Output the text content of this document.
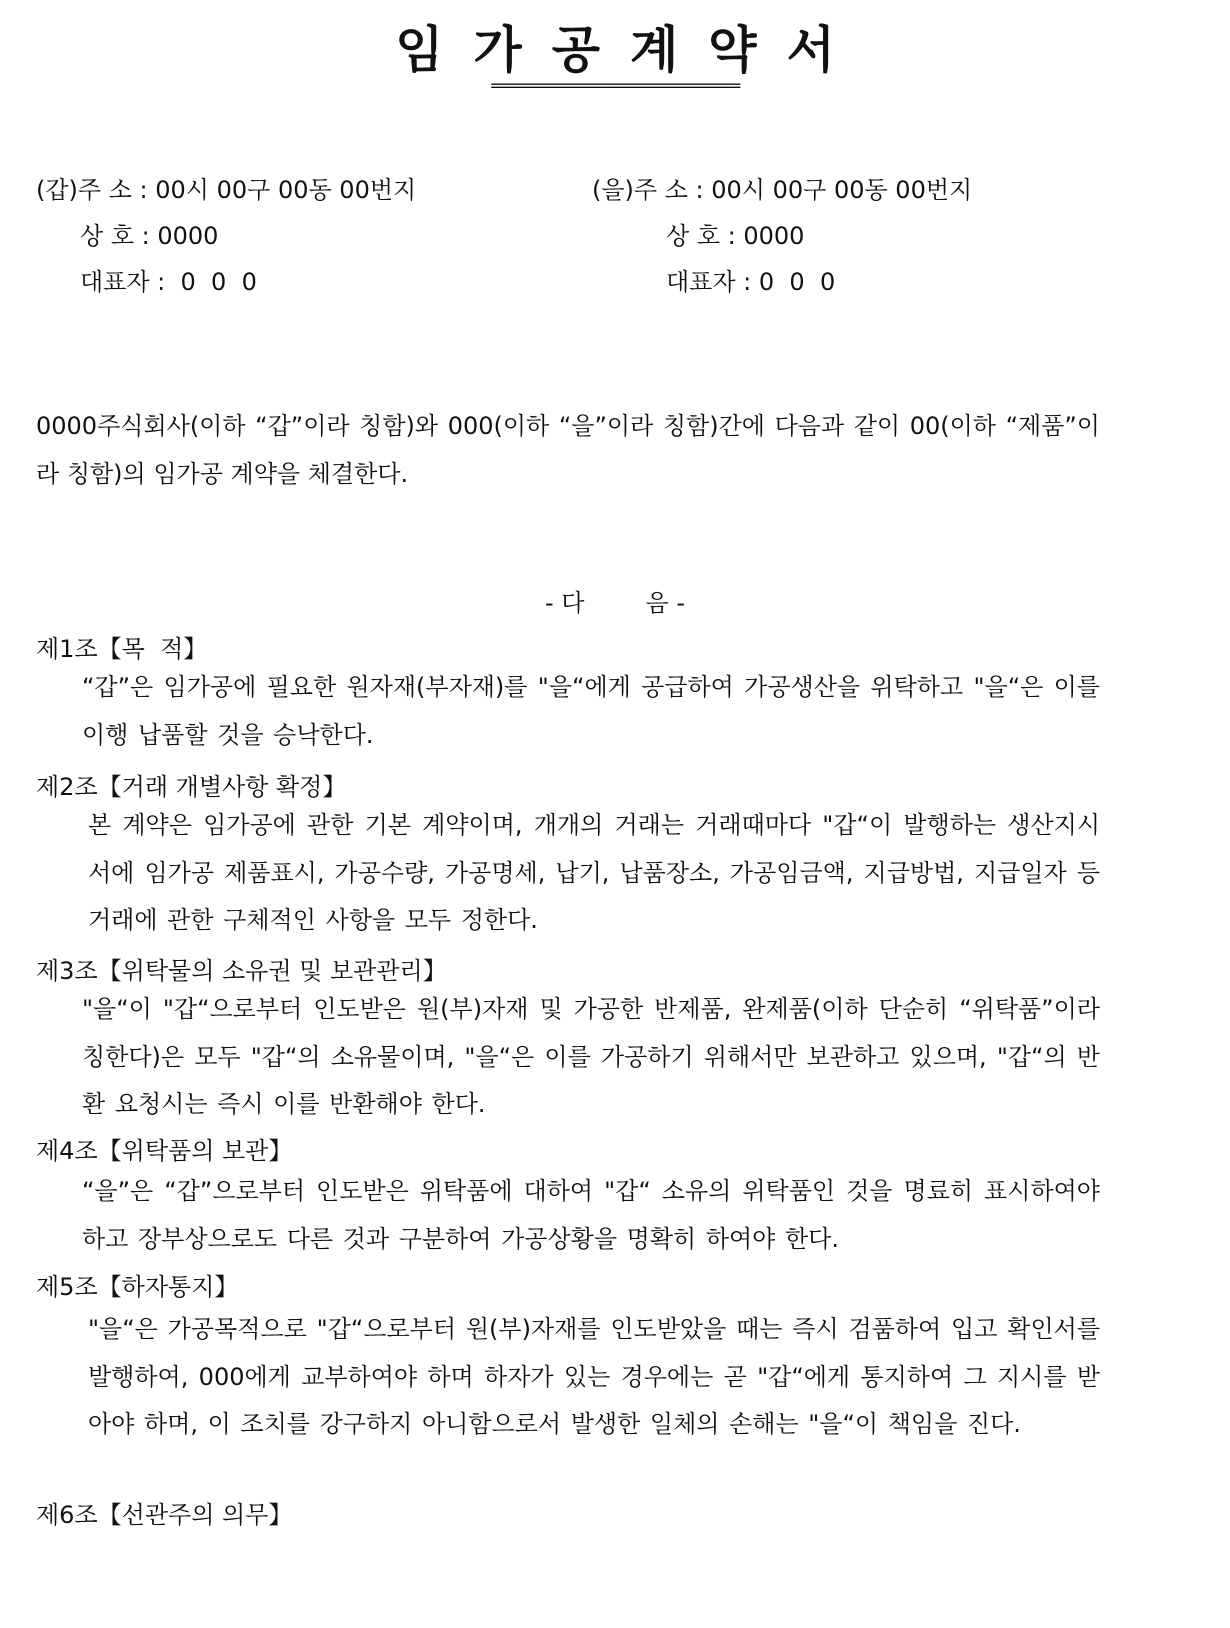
임가공계약서
===============================
(갑)주 소 : 00시 00구 00동 00번지
상 호 : 0000
대표자 :  0  0  0
(을)주 소 : 00시 00구 00동 00번지
상 호 : 0000
대표자 : 0  0  0
0000주식회사(이하 “갑”이라 칭함)와 000(이하 “을”이라 칭함)간에 다음과 같이 00(이하 “제품”이라 칭함)의 임가공 계약을 체결한다.
- 다        음 -
제1조【목  적】
“갑”은 임가공에 필요한 원자재(부자재)를 "을“에게 공급하여 가공생산을 위탁하고 "을“은 이를 이행 납품할 것을 승낙한다.
제2조【거래 개별사항 확정】
본 계약은 임가공에 관한 기본 계약이며, 개개의 거래는 거래때마다 "갑“이 발행하는 생산지시서에 임가공 제품표시, 가공수량, 가공명세, 납기, 납품장소, 가공임금액, 지급방법, 지급일자 등 거래에 관한 구체적인 사항을 모두 정한다.
제3조【위탁물의 소유권 및 보관관리】
"을“이 "갑“으로부터 인도받은 원(부)자재 및 가공한 반제품, 완제품(이하 단순히 “위탁품”이라 칭한다)은 모두 "갑“의 소유물이며, "을“은 이를 가공하기 위해서만 보관하고 있으며, "갑“의 반환 요청시는 즉시 이를 반환해야 한다.
제4조【위탁품의 보관】
“을”은 “갑”으로부터 인도받은 위탁품에 대하여 "갑“ 소유의 위탁품인 것을 명료히 표시하여야 하고 장부상으로도 다른 것과 구분하여 가공상황을 명확히 하여야 한다.
제5조【하자통지】
"을“은 가공목적으로 "갑“으로부터 원(부)자재를 인도받았을 때는 즉시 검품하여 입고 확인서를 발행하여, 000에게 교부하여야 하며 하자가 있는 경우에는 곧 "갑“에게 통지하여 그 지시를 받아야 하며, 이 조치를 강구하지 아니함으로서 발생한 일체의 손해는 "을“이 책임을 진다.
제6조【선관주의 의무】
